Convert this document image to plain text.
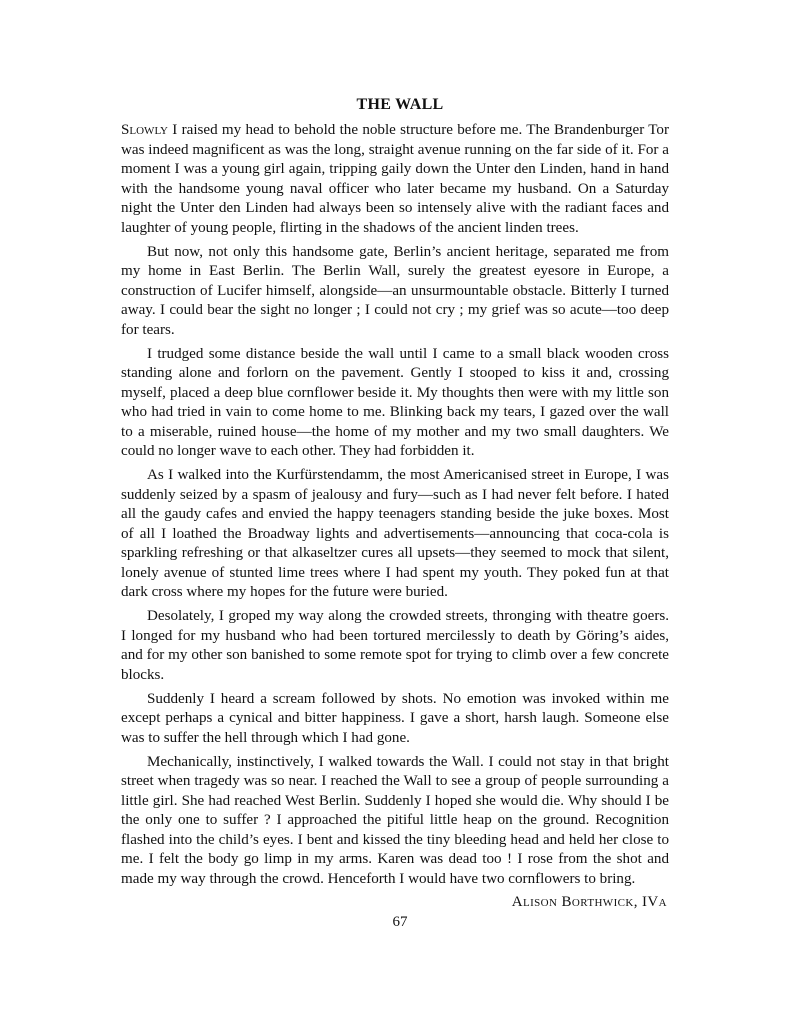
THE WALL

Slowly I raised my head to behold the noble structure before me. The Brandenburger Tor was indeed magnificent as was the long, straight avenue running on the far side of it. For a moment I was a young girl again, tripping gaily down the Unter den Linden, hand in hand with the handsome young naval officer who later became my husband. On a Saturday night the Unter den Linden had always been so intensely alive with the radiant faces and laughter of young people, flirting in the shadows of the ancient linden trees.

But now, not only this handsome gate, Berlin’s ancient heritage, separated me from my home in East Berlin. The Berlin Wall, surely the greatest eyesore in Europe, a construction of Lucifer himself, alongside—an unsurmountable obstacle. Bitterly I turned away. I could bear the sight no longer ; I could not cry ; my grief was so acute—too deep for tears.

I trudged some distance beside the wall until I came to a small black wooden cross standing alone and forlorn on the pavement. Gently I stooped to kiss it and, crossing myself, placed a deep blue cornflower beside it. My thoughts then were with my little son who had tried in vain to come home to me. Blinking back my tears, I gazed over the wall to a miserable, ruined house—the home of my mother and my two small daughters. We could no longer wave to each other. They had forbidden it.

As I walked into the Kurfürstendamm, the most Americanised street in Europe, I was suddenly seized by a spasm of jealousy and fury—such as I had never felt before. I hated all the gaudy cafes and envied the happy teenagers standing beside the juke boxes. Most of all I loathed the Broadway lights and advertisements—announcing that coca-cola is sparkling refreshing or that alkaseltzer cures all upsets—they seemed to mock that silent, lonely avenue of stunted lime trees where I had spent my youth. They poked fun at that dark cross where my hopes for the future were buried.

Desolately, I groped my way along the crowded streets, thronging with theatre goers. I longed for my husband who had been tortured mercilessly to death by Göring’s aides, and for my other son banished to some remote spot for trying to climb over a few concrete blocks.

Suddenly I heard a scream followed by shots. No emotion was invoked within me except perhaps a cynical and bitter happiness. I gave a short, harsh laugh. Someone else was to suffer the hell through which I had gone.

Mechanically, instinctively, I walked towards the Wall. I could not stay in that bright street when tragedy was so near. I reached the Wall to see a group of people surrounding a little girl. She had reached West Berlin. Suddenly I hoped she would die. Why should I be the only one to suffer ? I approached the pitiful little heap on the ground. Recognition flashed into the child’s eyes. I bent and kissed the tiny bleeding head and held her close to me. I felt the body go limp in my arms. Karen was dead too ! I rose from the shot and made my way through the crowd. Henceforth I would have two cornflowers to bring.

Alison Borthwick, IVa
67
